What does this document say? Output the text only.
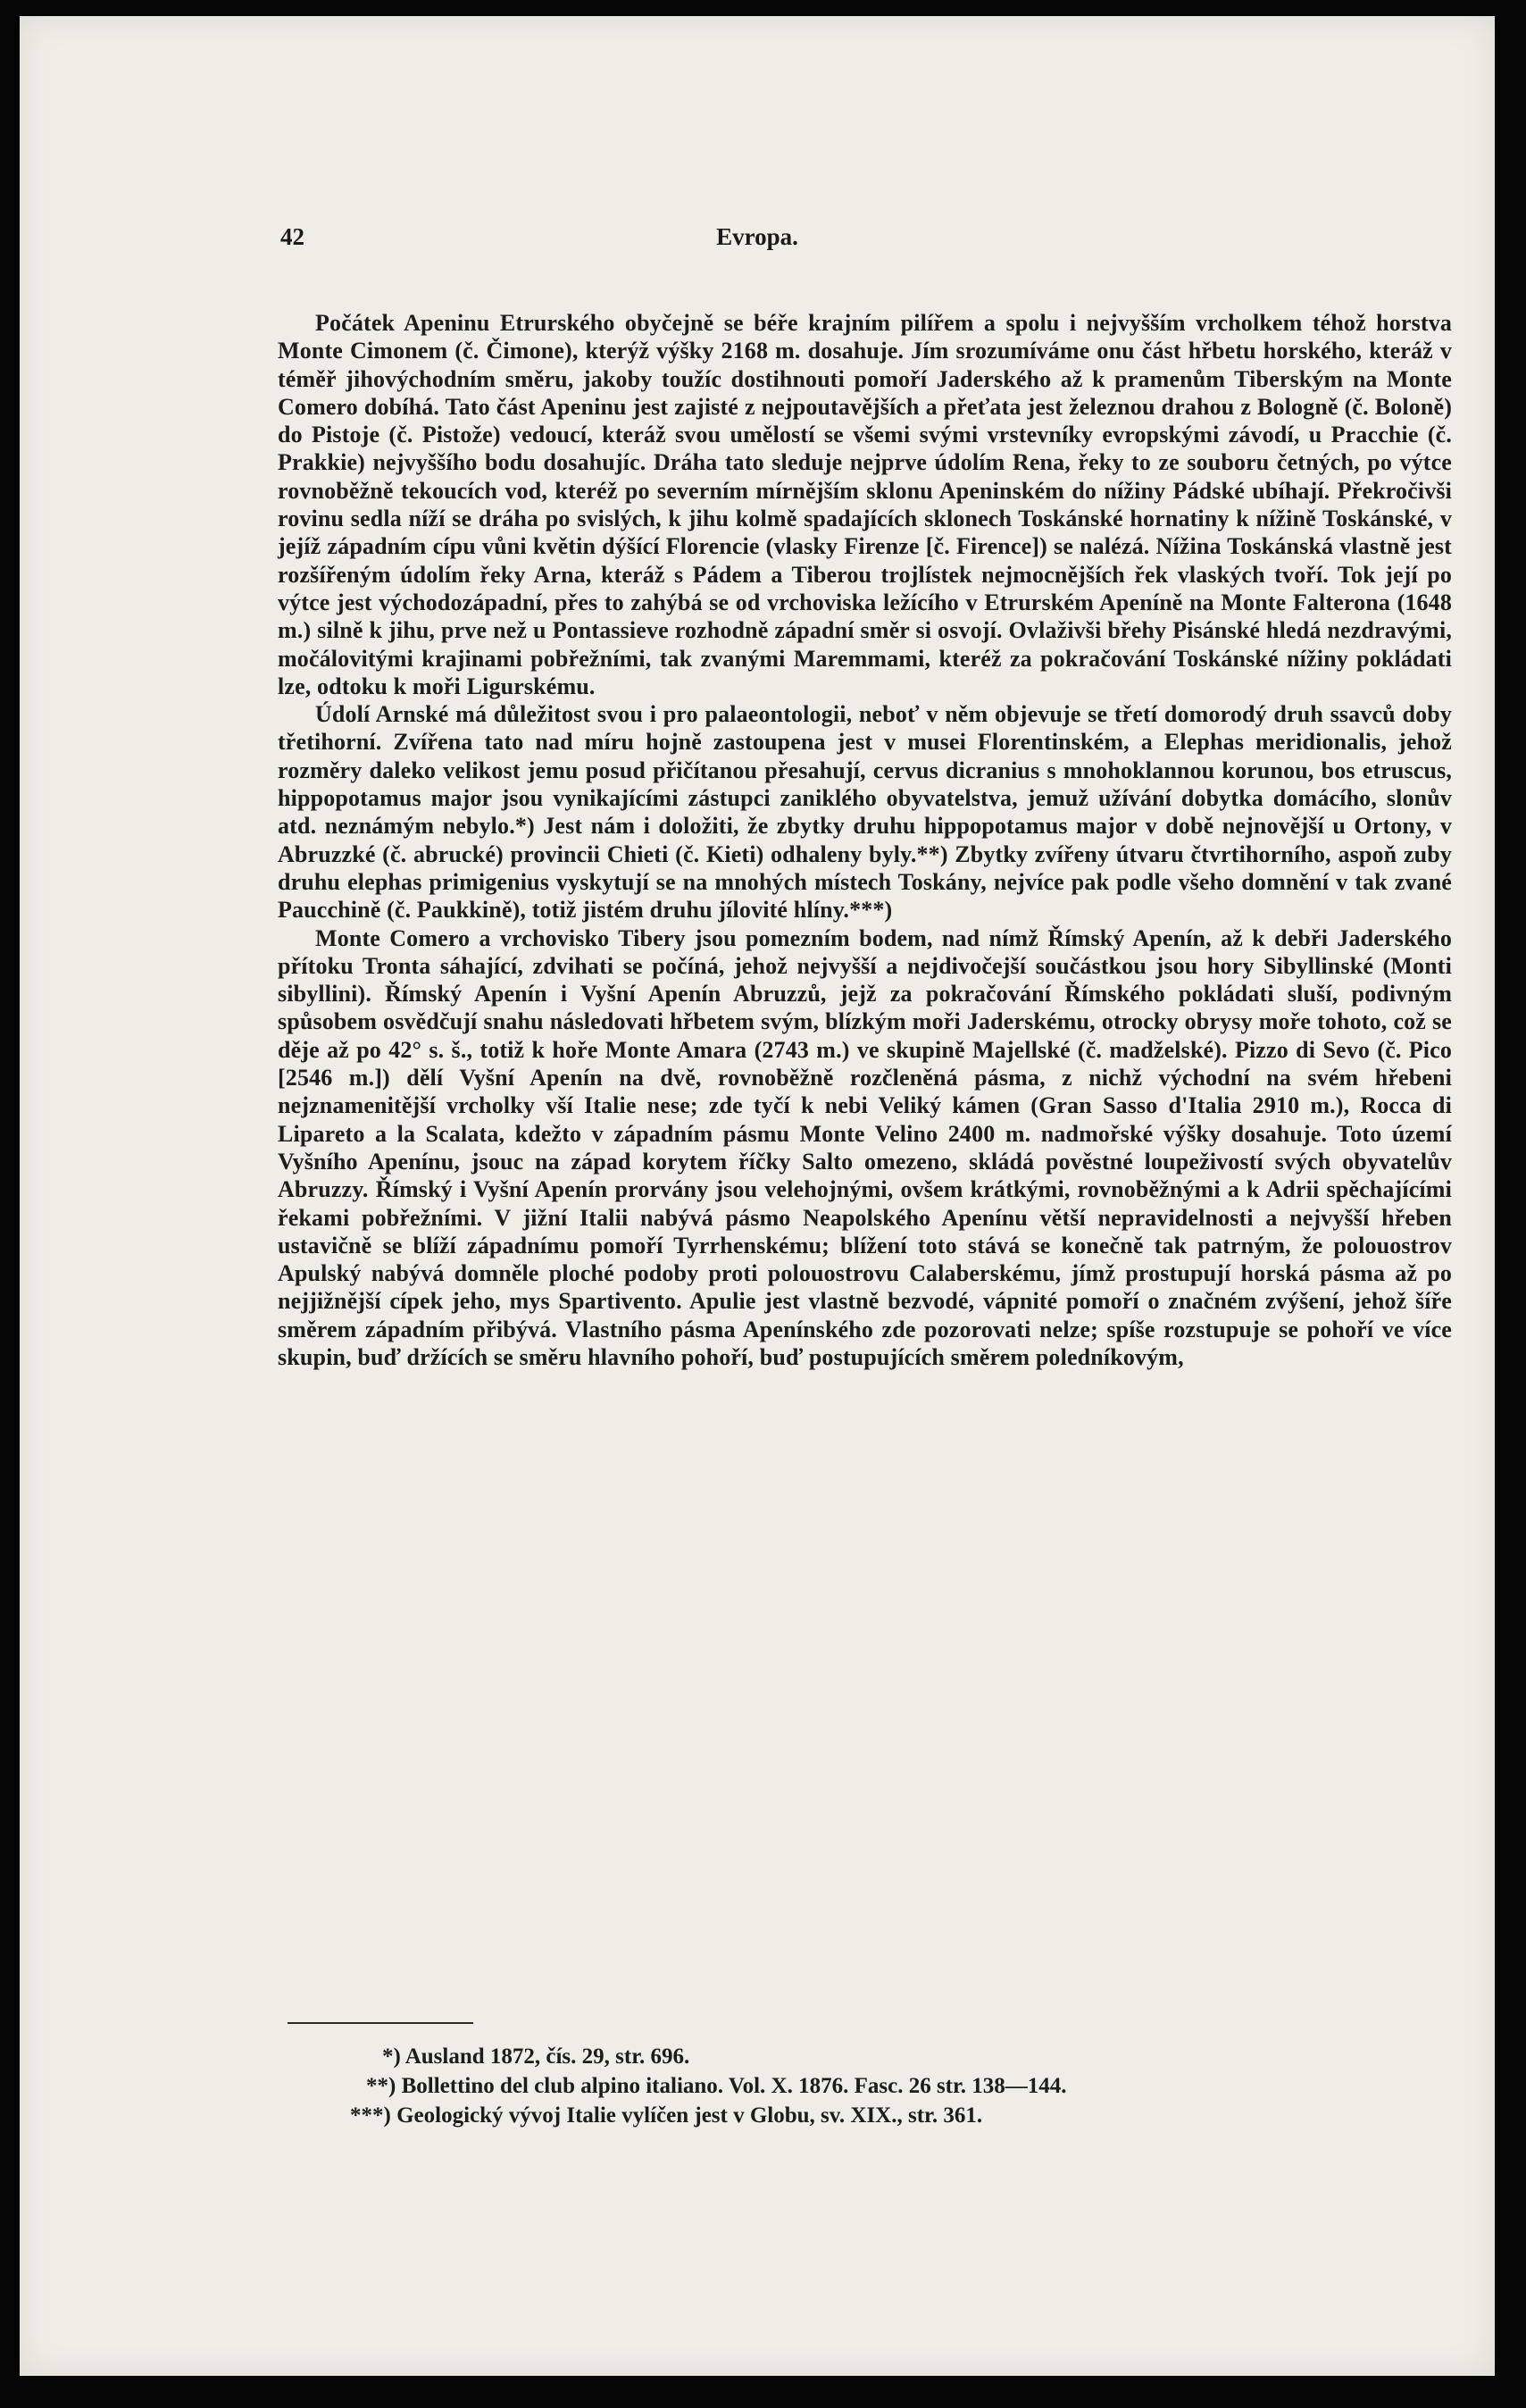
42	Evropa.

Počátek Apeninu Etrurského obyčejně se béře krajním pilířem a spolu i nejvyšším vrcholkem téhož horstva Monte Cimonem (č. Čimone), kterýž výšky 2168 m. dosahuje. Jím srozumíváme onu část hřbetu horského, kteráž v téměř jihovýchodním směru, jakoby toužíc dostihnouti pomoří Jaderského až k pramenům Tiberským na Monte Comero dobíhá. Tato část Apeninu jest zajisté z nejpoutavějších a přeťata jest železnou drahou z Bologně (č. Boloně) do Pistoje (č. Pistože) vedoucí, kteráž svou umělostí se všemi svými vrstevníky evropskými závodí, u Pracchie (č. Prakkie) nejvyššího bodu dosahujíc. Dráha tato sleduje nejprve údolím Rena, řeky to ze souboru četných, po výtce rovnoběžně tekoucích vod, kteréž po severním mírnějším sklonu Apeninském do nížiny Pádské ubíhají. Překročivši rovinu sedla níží se dráha po svislých, k jihu kolmě spadajících sklonech Toskánské hornatiny k nížině Toskánské, v jejíž západním cípu vůni květin dýšící Florencie (vlasky Firenze [č. Firence]) se nalézá. Nížina Toskánská vlastně jest rozšířeným údolím řeky Arna, kteráž s Pádem a Tiberou trojlístek nejmocnějších řek vlaských tvoří. Tok její po výtce jest východozápadní, přes to zahýbá se od vrchoviska ležícího v Etrurském Apeníně na Monte Falterona (1648 m.) silně k jihu, prve než u Pontassieve rozhodně západní směr si osvojí. Ovlaživši břehy Pisánské hledá nezdravými, močálovitými krajinami pobřežními, tak zvanými Maremmami, kteréž za pokračování Toskánské nížiny pokládati lze, odtoku k moři Ligurskému.

Údolí Arnské má důležitost svou i pro palaeontologii, neboť v něm objevuje se třetí domorodý druh ssavců doby třetihorní. Zvířena tato nad míru hojně zastoupena jest v musei Florentinském, a Elephas meridionalis, jehož rozměry daleko velikost jemu posud přičítanou přesahují, cervus dicranius s mnohoklannou korunou, bos etruscus, hippopotamus major jsou vynikajícími zástupci zaniklého obyvatelstva, jemuž užívání dobytka domácího, slonův atd. neznámým nebylo.*) Jest nám i doložiti, že zbytky druhu hippopotamus major v době nejnovější u Ortony, v Abruzzké (č. abrucké) provincii Chieti (č. Kieti) odhaleny byly.**) Zbytky zvířeny útvaru čtvrtihorního, aspoň zuby druhu elephas primigenius vyskytují se na mnohých místech Toskány, nejvíce pak podle všeho domnění v tak zvané Paucchině (č. Paukkině), totiž jistém druhu jílovité hlíny.***)

Monte Comero a vrchovisko Tibery jsou pomezním bodem, nad nímž Římský Apenín, až k debři Jaderského přítoku Tronta sáhající, zdvihati se počíná, jehož nejvyšší a nejdivočejší součástkou jsou hory Sibyllinské (Monti sibyllini). Římský Apenín i Vyšní Apenín Abruzzů, jejž za pokračování Římského pokládati sluší, podivným spůsobem osvědčují snahu následovati hřbetem svým, blízkým moři Jaderskému, otrocky obrysy moře tohoto, což se děje až po 42° s. š., totiž k hoře Monte Amara (2743 m.) ve skupině Majellské (č. madželské). Pizzo di Sevo (č. Pico [2546 m.]) dělí Vyšní Apenín na dvě, rovnoběžně rozčleněná pásma, z nichž východní na svém hřebeni nejznamenitější vrcholky vší Italie nese; zde tyčí k nebi Veliký kámen (Gran Sasso d'Italia 2910 m.), Rocca di Lipareto a la Scalata, kdežto v západním pásmu Monte Velino 2400 m. nadmořské výšky dosahuje. Toto území Vyšního Apenínu, jsouc na západ korytem říčky Salto omezeno, skládá pověstné loupeživostí svých obyvatelův Abruzzy. Římský i Vyšní Apenín prorvány jsou velehojnými, ovšem krátkými, rovnoběžnými a k Adrii spěchajícími řekami pobřežními. V jižní Italii nabývá pásmo Neapolského Apenínu větší nepravidelnosti a nejvyšší hřeben ustavičně se blíží západnímu pomoří Tyrrhenskému; blížení toto stává se konečně tak patrným, že polouostrov Apulský nabývá domněle ploché podoby proti polouostrovu Calaberskému, jímž prostupují horská pásma až po nejjižnější cípek jeho, mys Spartivento. Apulie jest vlastně bezvodé, vápnité pomoří o značném zvýšení, jehož šíře směrem západním přibývá. Vlastního pásma Apenínského zde pozorovati nelze; spíše rozstupuje se pohoří ve více skupin, buď držících se směru hlavního pohoří, buď postupujících směrem poledníkovým,

*) Ausland 1872, čís. 29, str. 696.
**) Bollettino del club alpino italiano. Vol. X. 1876. Fasc. 26 str. 138—144.
***) Geologický vývoj Italie vylíčen jest v Globu, sv. XIX., str. 361.
